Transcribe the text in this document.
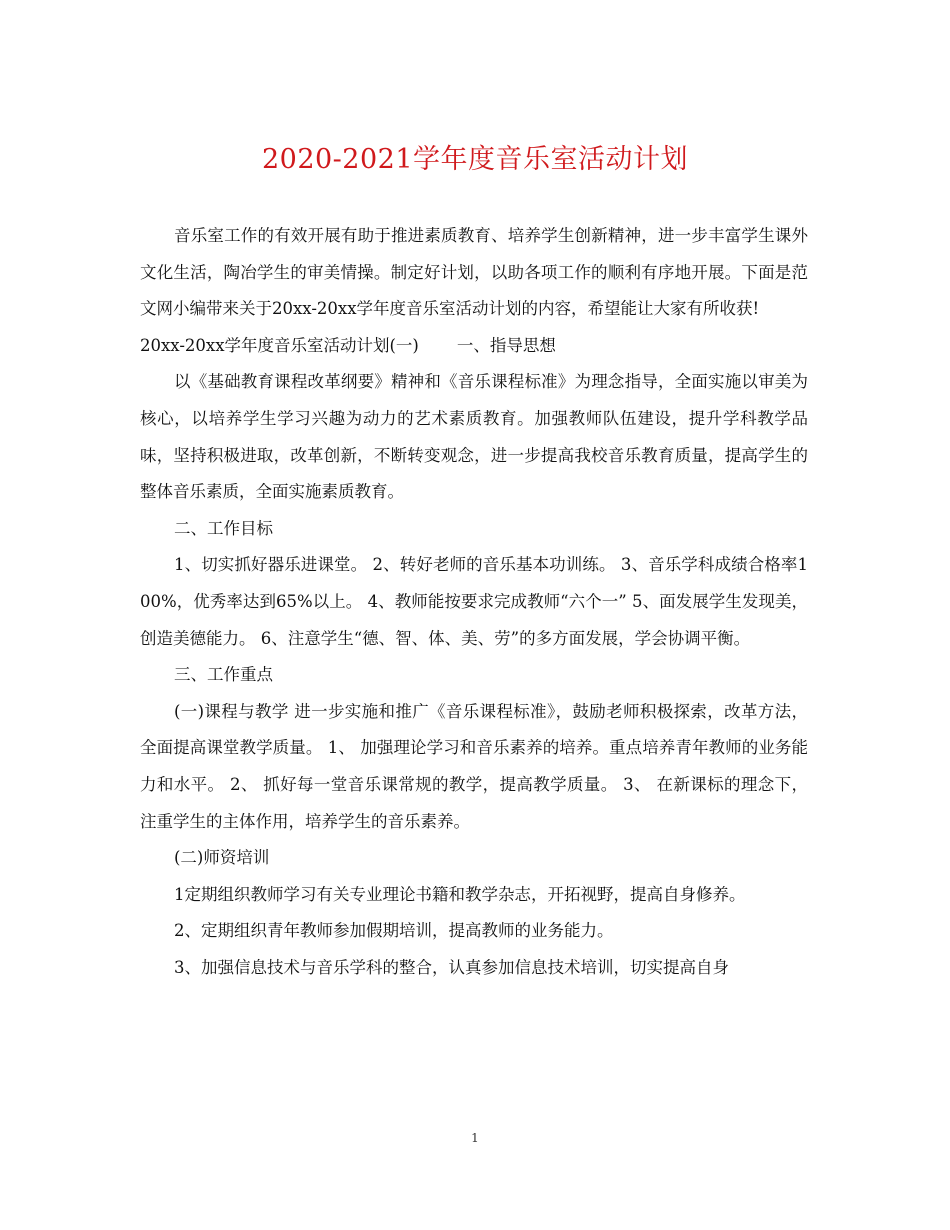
2020-2021学年度音乐室活动计划

音乐室工作的有效开展有助于推进素质教育、培养学生创新精神，进一步丰富学生课外文化生活，陶冶学生的审美情操。制定好计划，以助各项工作的顺利有序地开展。下面是范文网小编带来关于20xx-20xx学年度音乐室活动计划的内容，希望能让大家有所收获!

20xx-20xx学年度音乐室活动计划(一) 一、指导思想

以《基础教育课程改革纲要》精神和《音乐课程标准》为理念指导，全面实施以审美为核心，以培养学生学习兴趣为动力的艺术素质教育。加强教师队伍建设，提升学科教学品味，坚持积极进取，改革创新，不断转变观念，进一步提高我校音乐教育质量，提高学生的整体音乐素质，全面实施素质教育。

二、工作目标

1、切实抓好器乐进课堂。 2、转好老师的音乐基本功训练。 3、音乐学科成绩合格率100%，优秀率达到65%以上。 4、教师能按要求完成教师“六个一” 5、面发展学生发现美，创造美德能力。 6、注意学生“德、智、体、美、劳”的多方面发展，学会协调平衡。

三、工作重点

(一)课程与教学 进一步实施和推广《音乐课程标准》，鼓励老师积极探索，改革方法，全面提高课堂教学质量。 1、 加强理论学习和音乐素养的培养。重点培养青年教师的业务能力和水平。 2、 抓好每一堂音乐课常规的教学，提高教学质量。 3、 在新课标的理念下，注重学生的主体作用，培养学生的音乐素养。

(二)师资培训

1定期组织教师学习有关专业理论书籍和教学杂志，开拓视野，提高自身修养。

2、定期组织青年教师参加假期培训，提高教师的业务能力。

3、加强信息技术与音乐学科的整合，认真参加信息技术培训，切实提高自身

1
